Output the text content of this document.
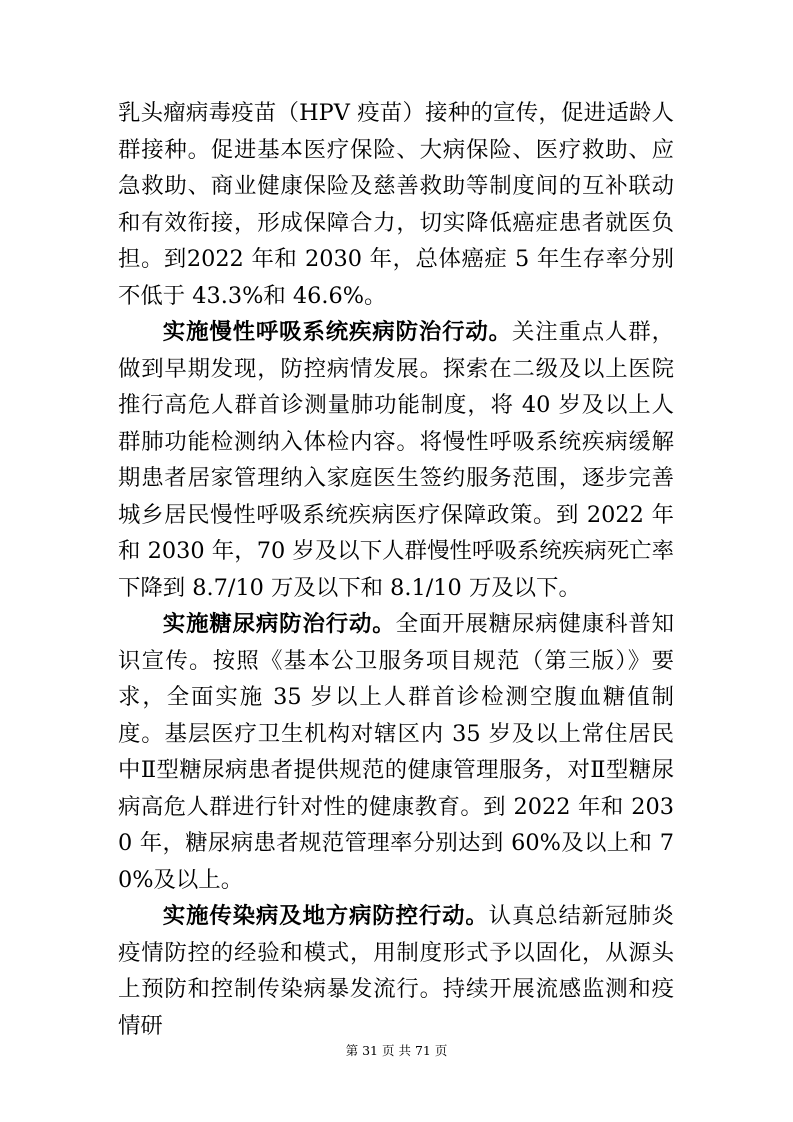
乳头瘤病毒疫苗（HPV 疫苗）接种的宣传，促进适龄人群接种。促进基本医疗保险、大病保险、医疗救助、应急救助、商业健康保险及慈善救助等制度间的互补联动和有效衔接，形成保障合力，切实降低癌症患者就医负担。到2022 年和 2030 年，总体癌症 5 年生存率分别不低于 43.3%和 46.6%。

实施慢性呼吸系统疾病防治行动。关注重点人群，做到早期发现，防控病情发展。探索在二级及以上医院推行高危人群首诊测量肺功能制度，将 40 岁及以上人群肺功能检测纳入体检内容。将慢性呼吸系统疾病缓解期患者居家管理纳入家庭医生签约服务范围，逐步完善城乡居民慢性呼吸系统疾病医疗保障政策。到 2022 年和 2030 年，70 岁及以下人群慢性呼吸系统疾病死亡率下降到 8.7/10 万及以下和 8.1/10 万及以下。

实施糖尿病防治行动。全面开展糖尿病健康科普知识宣传。按照《基本公卫服务项目规范（第三版）》要求，全面实施 35 岁以上人群首诊检测空腹血糖值制度。基层医疗卫生机构对辖区内 35 岁及以上常住居民中Ⅱ型糖尿病患者提供规范的健康管理服务，对Ⅱ型糖尿病高危人群进行针对性的健康教育。到 2022 年和 2030 年，糖尿病患者规范管理率分别达到 60%及以上和 70%及以上。

实施传染病及地方病防控行动。认真总结新冠肺炎疫情防控的经验和模式，用制度形式予以固化，从源头上预防和控制传染病暴发流行。持续开展流感监测和疫情研

第 31 页 共 71 页
